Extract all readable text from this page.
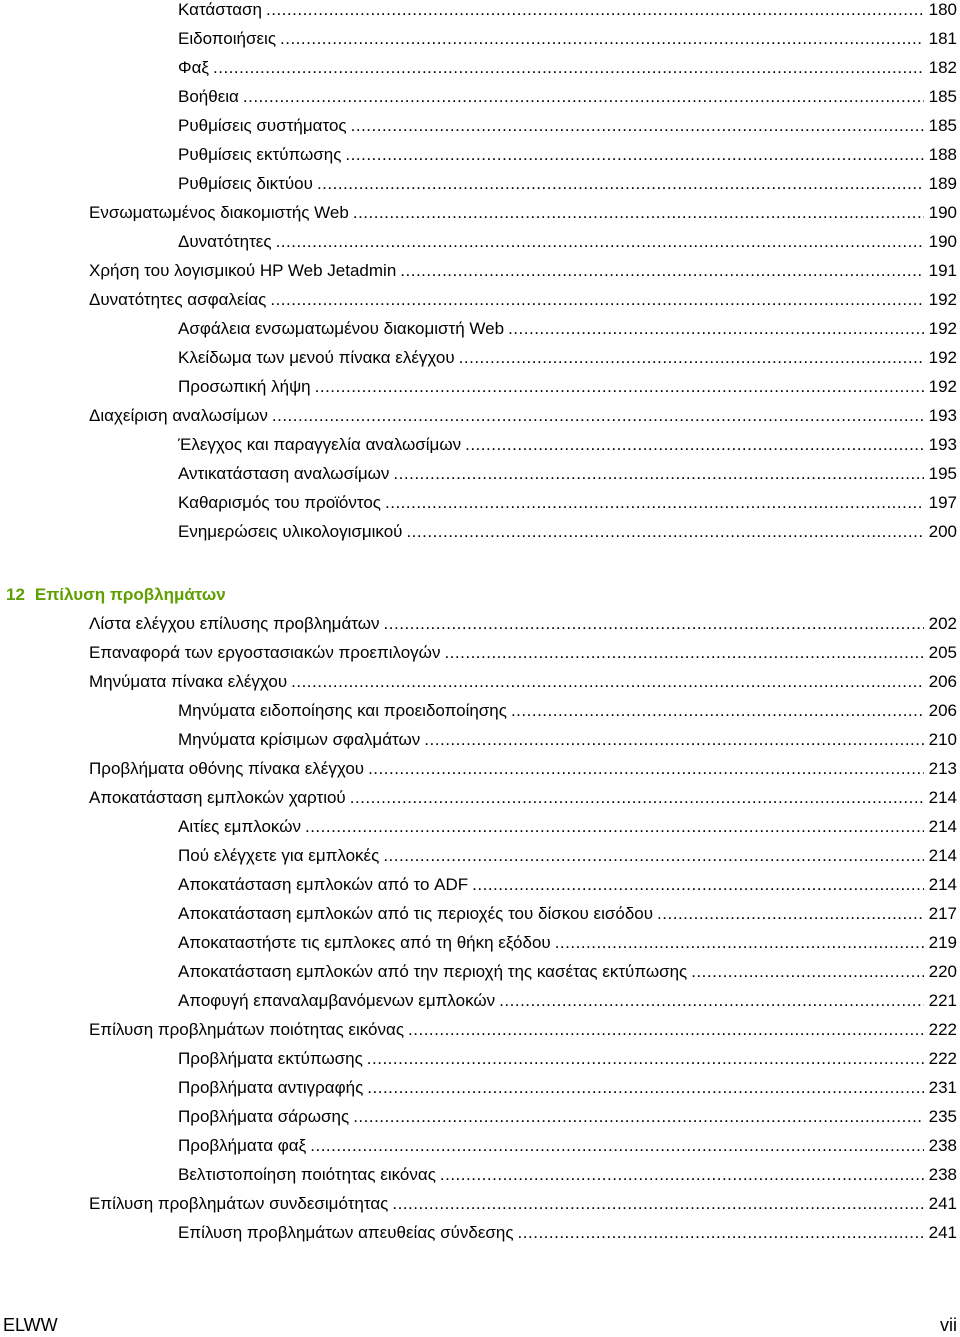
Κατάσταση .....	180
Ειδοποιήσεις .....	181
Φαξ .....	182
Βοήθεια .....	185
Ρυθμίσεις συστήματος .....	185
Ρυθμίσεις εκτύπωσης .....	188
Ρυθμίσεις δικτύου .....	189
Ενσωματωμένος διακομιστής Web .....	190
Δυνατότητες .....	190
Χρήση του λογισμικού HP Web Jetadmin .....	191
Δυνατότητες ασφαλείας .....	192
Ασφάλεια ενσωματωμένου διακομιστή Web .....	192
Κλείδωμα των μενού πίνακα ελέγχου .....	192
Προσωπική λήψη .....	192
Διαχείριση αναλωσίμων .....	193
Έλεγχος και παραγγελία αναλωσίμων .....	193
Αντικατάσταση αναλωσίμων .....	195
Καθαρισμός του προϊόντος .....	197
Ενημερώσεις υλικολογισμικού .....	200
12 Επίλυση προβλημάτων
Λίστα ελέγχου επίλυσης προβλημάτων .....	202
Επαναφορά των εργοστασιακών προεπιλογών .....	205
Μηνύματα πίνακα ελέγχου .....	206
Μηνύματα ειδοποίησης και προειδοποίησης .....	206
Μηνύματα κρίσιμων σφαλμάτων .....	210
Προβλήματα οθόνης πίνακα ελέγχου .....	213
Αποκατάσταση εμπλοκών χαρτιού .....	214
Αιτίες εμπλοκών .....	214
Πού ελέγχετε για εμπλοκές .....	214
Αποκατάσταση εμπλοκών από το ADF .....	214
Αποκατάσταση εμπλοκών από τις περιοχές του δίσκου εισόδου .....	217
Αποκαταστήστε τις εμπλοκες από τη θήκη εξόδου .....	219
Αποκατάσταση εμπλοκών από την περιοχή της κασέτας εκτύπωσης .....	220
Αποφυγή επαναλαμβανόμενων εμπλοκών .....	221
Επίλυση προβλημάτων ποιότητας εικόνας .....	222
Προβλήματα εκτύπωσης .....	222
Προβλήματα αντιγραφής .....	231
Προβλήματα σάρωσης .....	235
Προβλήματα φαξ .....	238
Βελτιστοποίηση ποιότητας εικόνας .....	238
Επίλυση προβλημάτων συνδεσιμότητας .....	241
Επίλυση προβλημάτων απευθείας σύνδεσης .....	241
ELWW	vii
